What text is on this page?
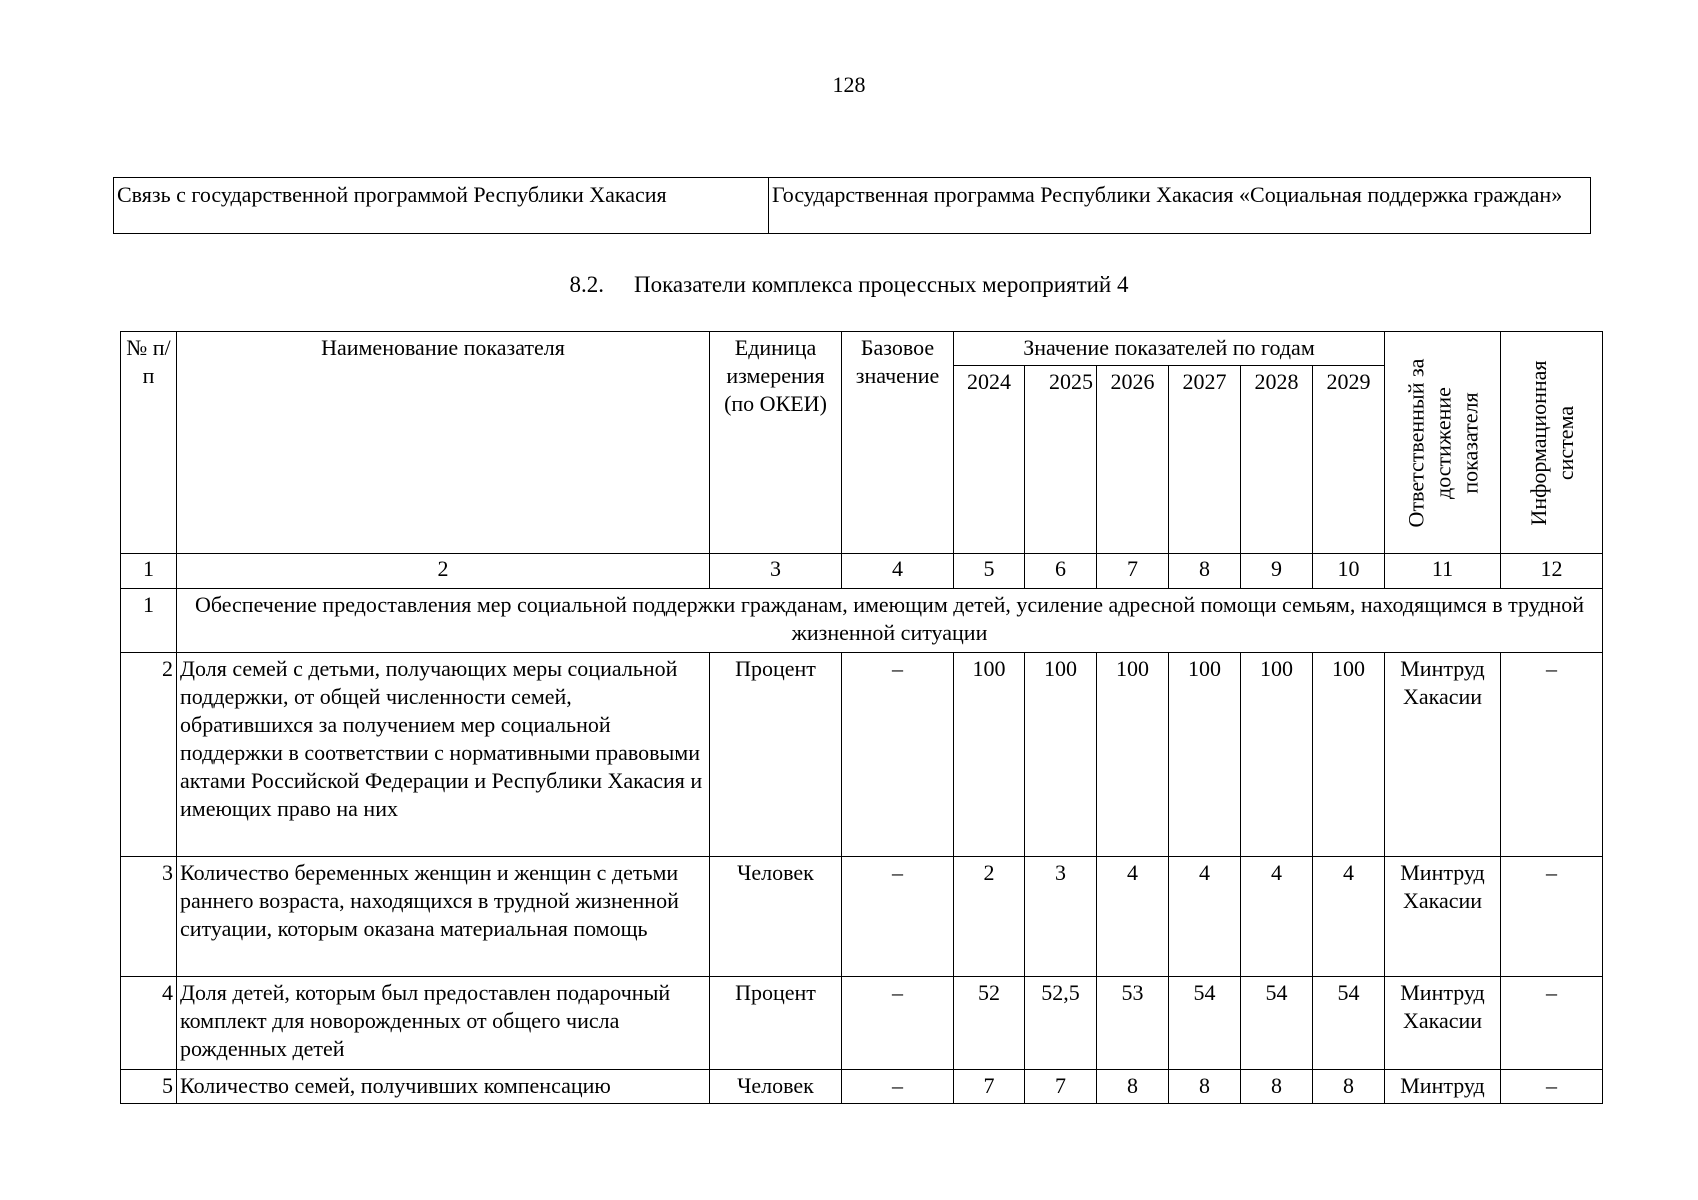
128
Связь с государственной программой Республики Хакасия	Государственная программа Республики Хакасия «Социальная поддержка граждан»
8.2. Показатели комплекса процессных мероприятий 4
№ п/п	Наименование показателя	Единица измерения (по ОКЕИ)	Базовое значение	Значение показателей по годам						Ответственный за достижение показателя	Информационная система

				2024	2025	2026	2027	2028	2029		
1	2	3	4	5	6	7	8	9	10	11	12
1	Обеспечение предоставления мер социальной поддержки гражданам, имеющим детей, усиление адресной помощи семьям, находящимся в трудной жизненной ситуации										
2	Доля семей с детьми, получающих меры социальной поддержки, от общей численности семей, обратившихся за получением мер социальной поддержки в соответствии с нормативными правовыми актами Российской Федерации и Республики Хакасия и имеющих право на них	Процент	–	100	100	100	100	100	100	Минтруд Хакасии	–
3	Количество беременных женщин и женщин с детьми раннего возраста, находящихся в трудной жизненной ситуации, которым оказана материальная помощь	Человек	–	2	3	4	4	4	4	Минтруд Хакасии	–
4	Доля детей, которым был предоставлен подарочный комплект для новорожденных от общего числа рожденных детей	Процент	–	52	52,5	53	54	54	54	Минтруд Хакасии	–
5	Количество семей, получивших компенсацию	Человек	–	7	7	8	8	8	8	Минтруд	–
